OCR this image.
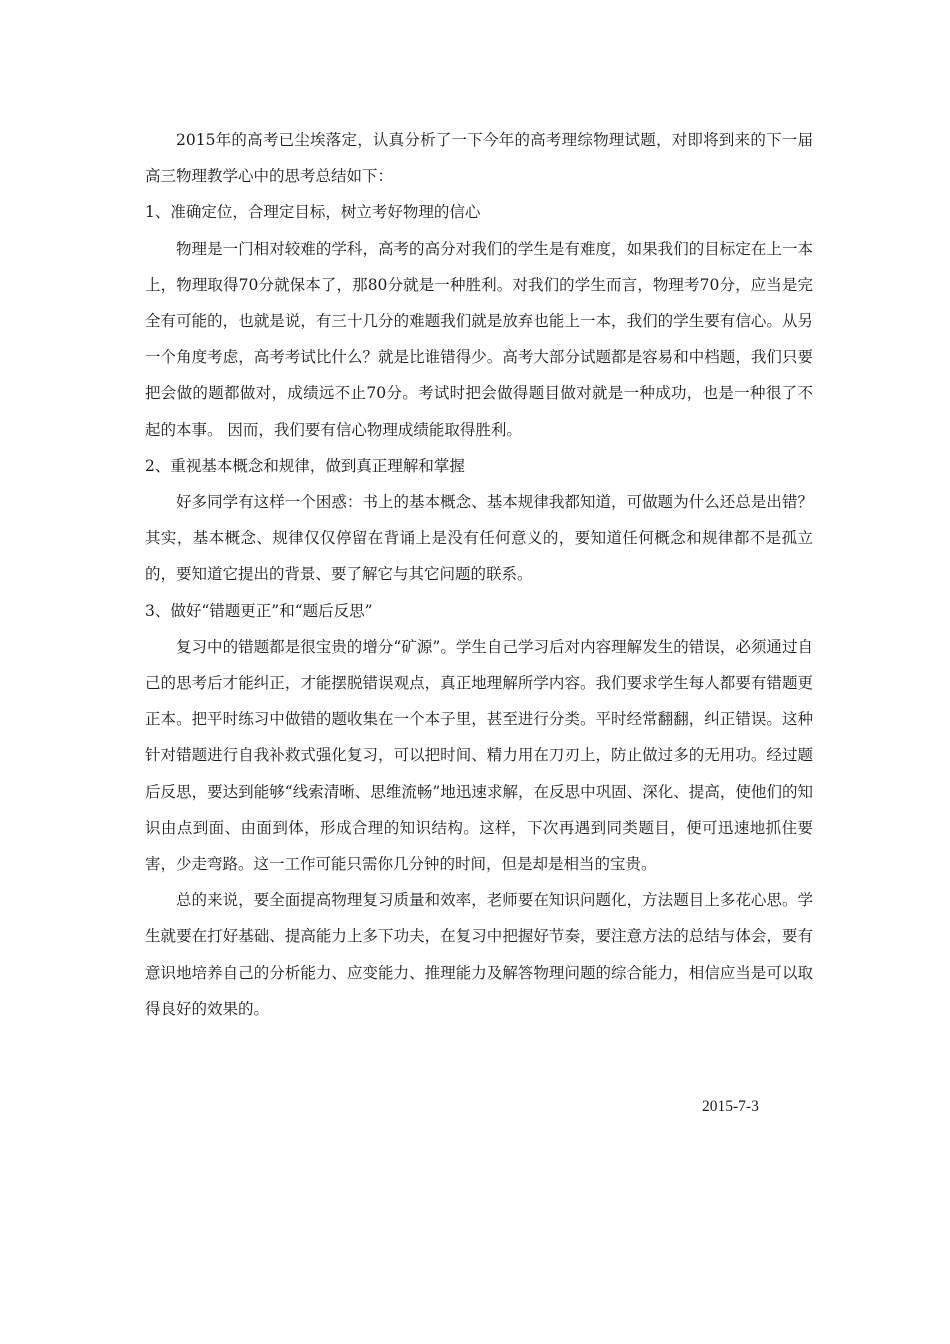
2015年的高考已尘埃落定，认真分析了一下今年的高考理综物理试题，对即将到来的下一届高三物理教学心中的思考总结如下：

1、准确定位，合理定目标，树立考好物理的信心

物理是一门相对较难的学科，高考的高分对我们的学生是有难度，如果我们的目标定在上一本上，物理取得70分就保本了，那80分就是一种胜利。对我们的学生而言，物理考70分，应当是完全有可能的，也就是说，有三十几分的难题我们就是放弃也能上一本，我们的学生要有信心。从另一个角度考虑，高考考试比什么？就是比谁错得少。高考大部分试题都是容易和中档题，我们只要把会做的题都做对，成绩远不止70分。考试时把会做得题目做对就是一种成功，也是一种很了不起的本事。 因而，我们要有信心物理成绩能取得胜利。

2、重视基本概念和规律，做到真正理解和掌握

好多同学有这样一个困惑：书上的基本概念、基本规律我都知道，可做题为什么还总是出错？其实，基本概念、规律仅仅停留在背诵上是没有任何意义的，要知道任何概念和规律都不是孤立的，要知道它提出的背景、要了解它与其它问题的联系。

3、做好“错题更正”和“题后反思”

复习中的错题都是很宝贵的增分“矿源”。学生自己学习后对内容理解发生的错误，必须通过自己的思考后才能纠正，才能摆脱错误观点，真正地理解所学内容。我们要求学生每人都要有错题更正本。把平时练习中做错的题收集在一个本子里，甚至进行分类。平时经常翻翻，纠正错误。这种针对错题进行自我补救式强化复习，可以把时间、精力用在刀刃上，防止做过多的无用功。经过题后反思，要达到能够“线索清晰、思维流畅”地迅速求解，在反思中巩固、深化、提高，使他们的知识由点到面、由面到体，形成合理的知识结构。这样，下次再遇到同类题目，便可迅速地抓住要害，少走弯路。这一工作可能只需你几分钟的时间，但是却是相当的宝贵。

总的来说，要全面提高物理复习质量和效率，老师要在知识问题化，方法题目上多花心思。学生就要在打好基础、提高能力上多下功夫，在复习中把握好节奏，要注意方法的总结与体会，要有意识地培养自己的分析能力、应变能力、推理能力及解答物理问题的综合能力，相信应当是可以取得良好的效果的。

2015-7-3
